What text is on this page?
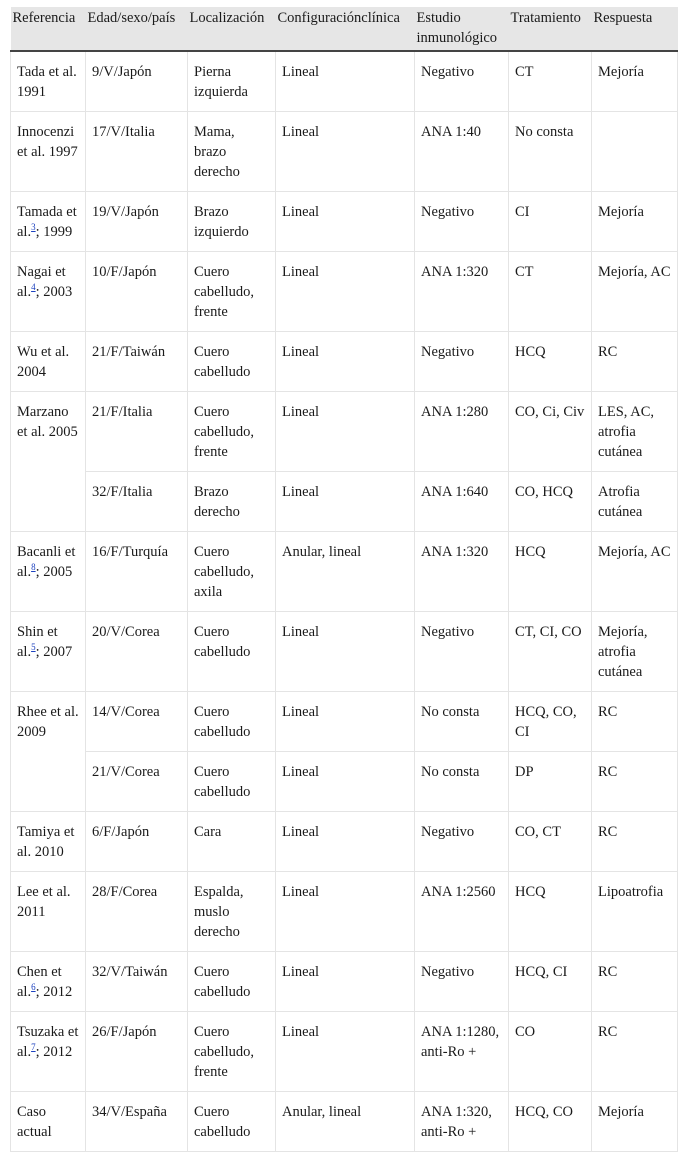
Referencia	Edad/sexo/país	Localización	Configuraciónclínica	Estudio inmunológico	Tratamiento	Respuesta
Tada et al. 1991	9/V/Japón	Pierna izquierda	Lineal	Negativo	CT	Mejoría
Innocenzi et al. 1997	17/V/Italia	Mama, brazo derecho	Lineal	ANA 1:40	No consta	
Tamada et al.$^3$; 1999	19/V/Japón	Brazo izquierdo	Lineal	Negativo	CI	Mejoría
Nagai et al.$^4$; 2003	10/F/Japón	Cuero cabelludo, frente	Lineal	ANA 1:320	CT	Mejoría, AC
Wu et al. 2004	21/F/Taiwán	Cuero cabelludo	Lineal	Negativo	HCQ	RC
Marzano et al. 2005	21/F/Italia	Cuero cabelludo, frente	Lineal	ANA 1:280	CO, Ci, Civ	LES, AC, atrofia cutánea
	32/F/Italia	Brazo derecho	Lineal	ANA 1:640	CO, HCQ	Atrofia cutánea
Bacanli et al.$^8$; 2005	16/F/Turquía	Cuero cabelludo, axila	Anular, lineal	ANA 1:320	HCQ	Mejoría, AC
Shin et al.$^5$; 2007	20/V/Corea	Cuero cabelludo	Lineal	Negativo	CT, CI, CO	Mejoría, atrofia cutánea
Rhee et al. 2009	14/V/Corea	Cuero cabelludo	Lineal	No consta	HCQ, CO, CI	RC
	21/V/Corea	Cuero cabelludo	Lineal	No consta	DP	RC
Tamiya et al. 2010	6/F/Japón	Cara	Lineal	Negativo	CO, CT	RC
Lee et al. 2011	28/F/Corea	Espalda, muslo derecho	Lineal	ANA 1:2560	HCQ	Lipoatrofia
Chen et al.$^6$; 2012	32/V/Taiwán	Cuero cabelludo	Lineal	Negativo	HCQ, CI	RC
Tsuzaka et al.$^7$; 2012	26/F/Japón	Cuero cabelludo, frente	Lineal	ANA 1:1280, anti-Ro +	CO	RC
Caso actual	34/V/España	Cuero cabelludo	Anular, lineal	ANA 1:320, anti-Ro +	HCQ, CO	Mejoría
